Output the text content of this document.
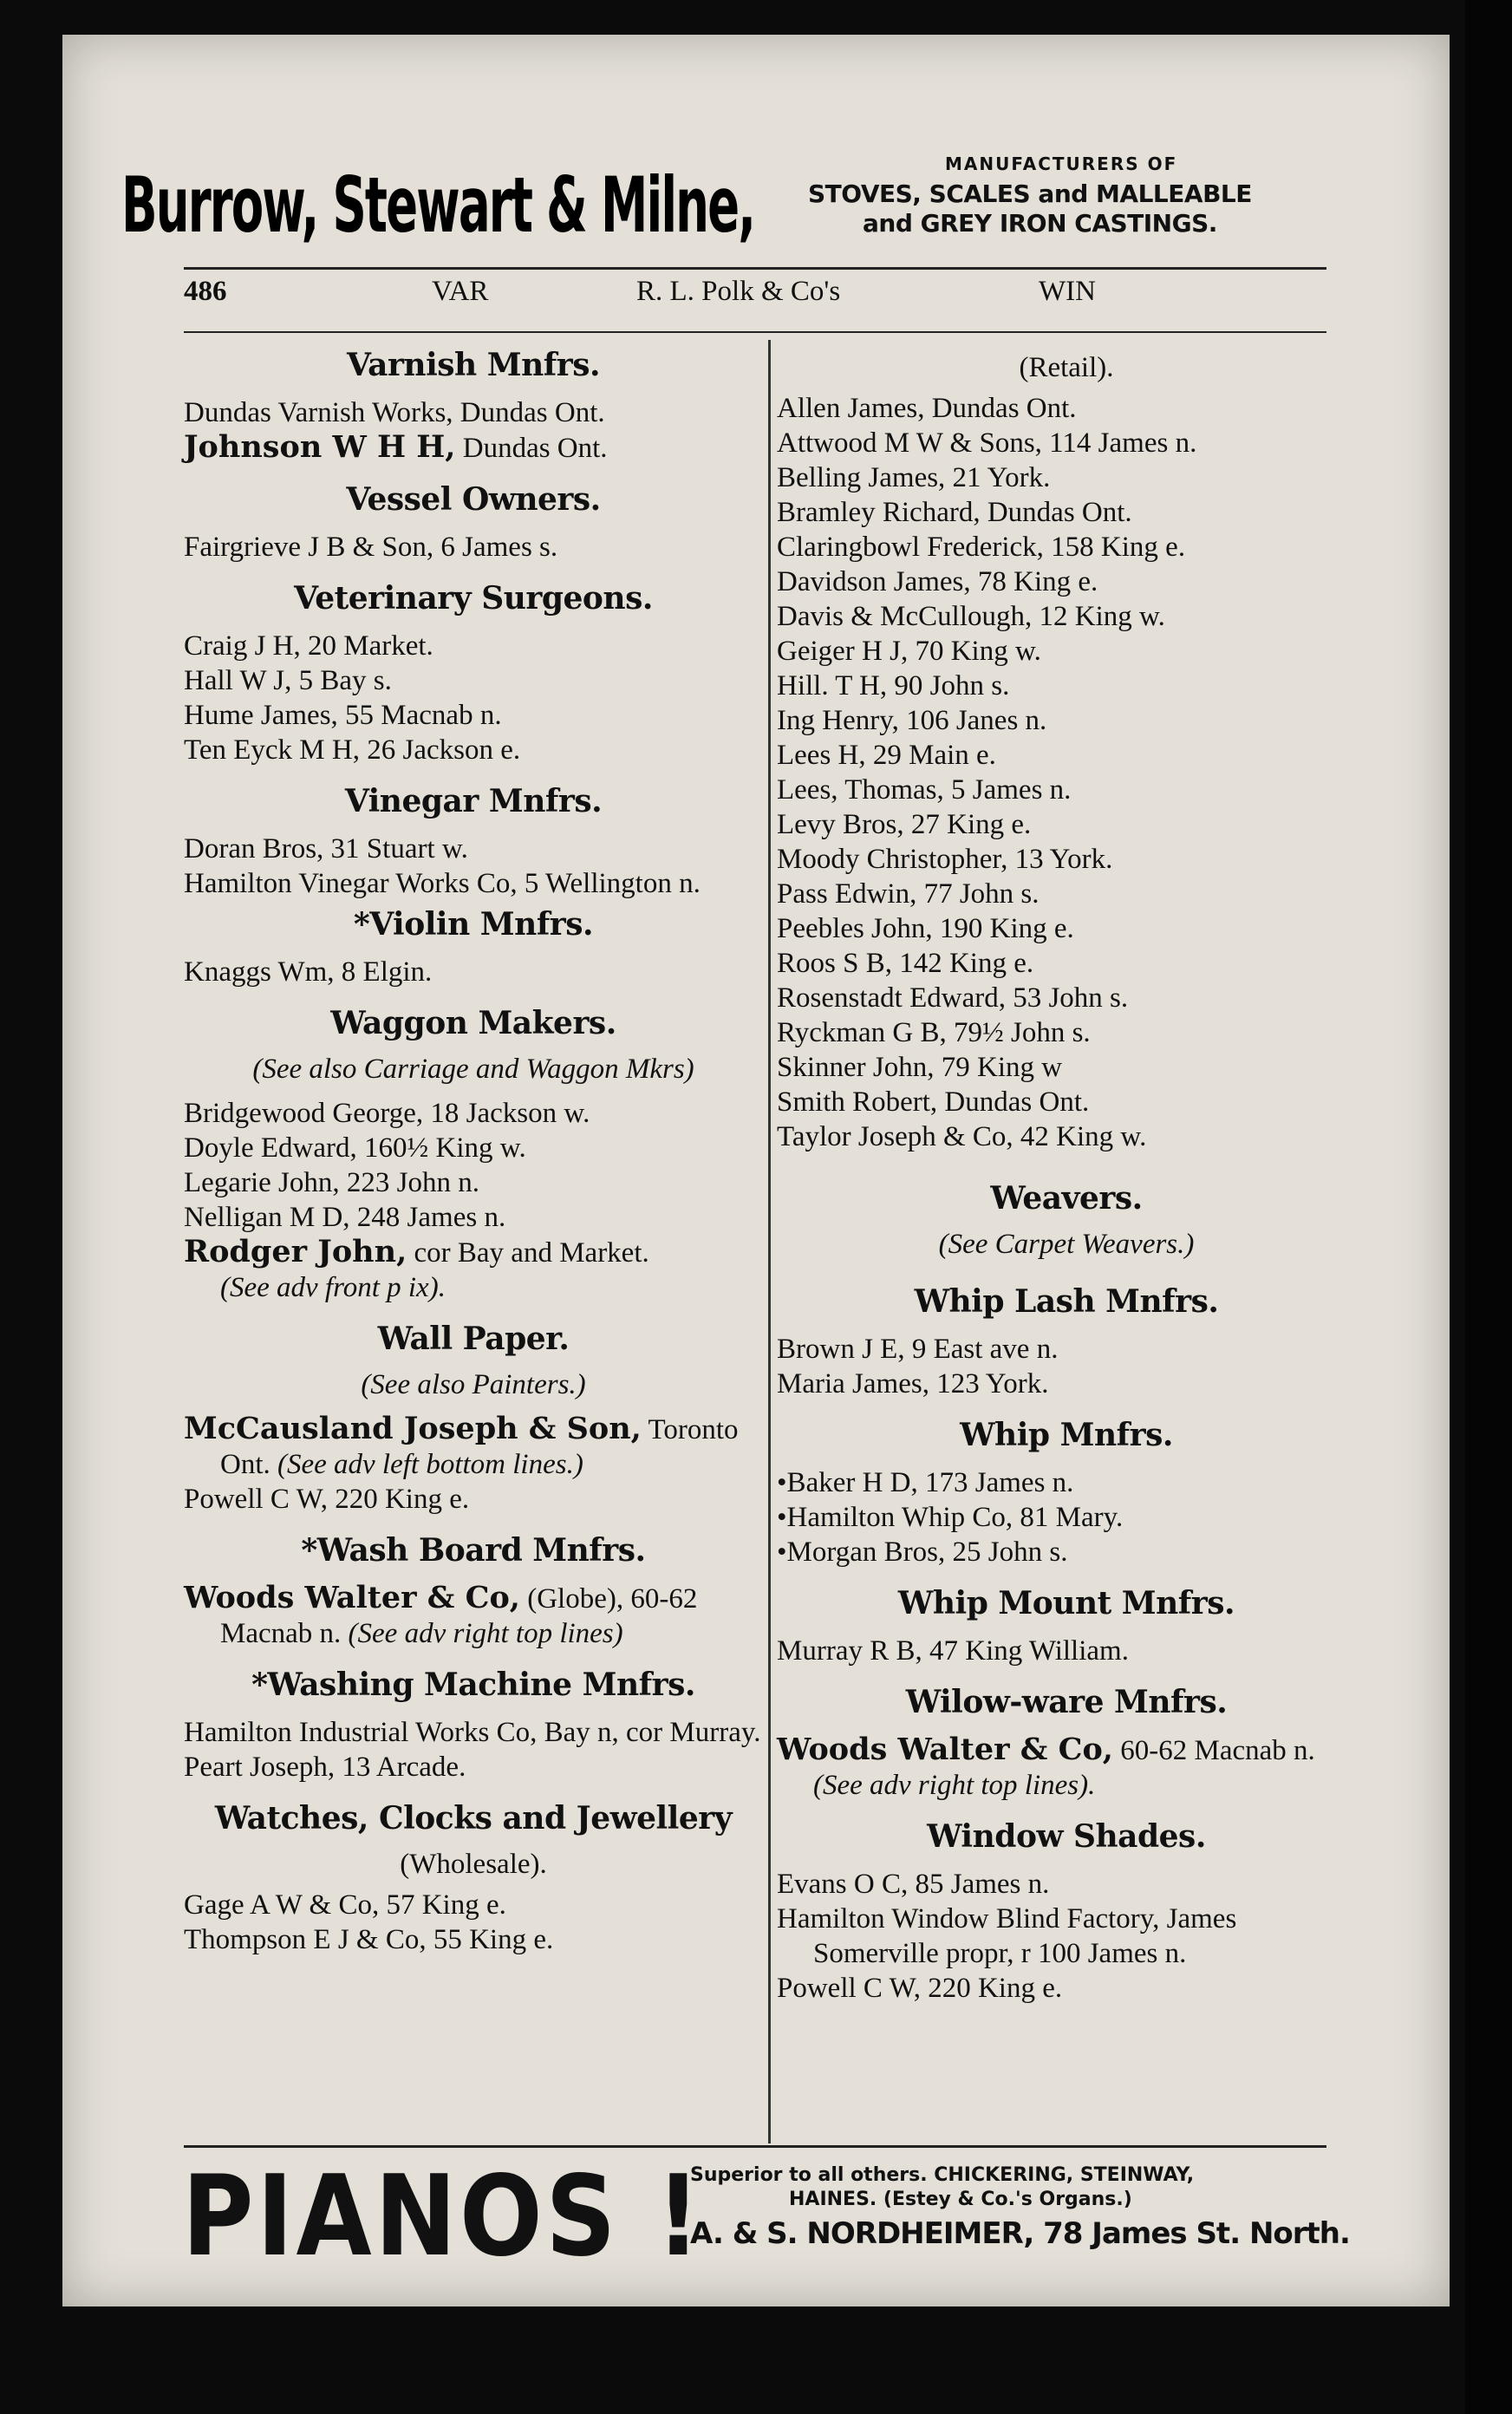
Burrow, Stewart & Milne,	MANUFACTURERS OF
STOVES, SCALES and MALLEABLE
and GREY IRON CASTINGS.
486	VAR	R. L. Polk & Co's	WIN
Varnish Mnfrs.
Dundas Varnish Works, Dundas Ont.
Johnson W H H, Dundas Ont.
Vessel Owners.
Fairgrieve J B & Son, 6 James s.
Veterinary Surgeons.
Craig J H, 20 Market.
Hall W J, 5 Bay s.
Hume James, 55 Macnab n.
Ten Eyck M H, 26 Jackson e.
Vinegar Mnfrs.
Doran Bros, 31 Stuart w.
Hamilton Vinegar Works Co, 5 Wellington n.
*Violin Mnfrs.
Knaggs Wm, 8 Elgin.
Waggon Makers.
(See also Carriage and Waggon Mkrs)
Bridgewood George, 18 Jackson w.
Doyle Edward, 160½ King w.
Legarie John, 223 John n.
Nelligan M D, 248 James n.
Rodger John, cor Bay and Market.
(See adv front p ix).
Wall Paper.
(See also Painters.)
McCausland Joseph & Son, Toronto Ont. (See adv left bottom lines.)
Powell C W, 220 King e.
*Wash Board Mnfrs.
Woods Walter & Co, (Globe), 60-62 Macnab n. (See adv right top lines)
*Washing Machine Mnfrs.
Hamilton Industrial Works Co, Bay n, cor Murray.
Peart Joseph, 13 Arcade.
Watches, Clocks and Jewellery
(Wholesale).
Gage A W & Co, 57 King e.
Thompson E J & Co, 55 King e.
(Retail).
Allen James, Dundas Ont.
Attwood M W & Sons, 114 James n.
Belling James, 21 York.
Bramley Richard, Dundas Ont.
Claringbowl Frederick, 158 King e.
Davidson James, 78 King e.
Davis & McCullough, 12 King w.
Geiger H J, 70 King w.
Hill. T H, 90 John s.
Ing Henry, 106 Janes n.
Lees H, 29 Main e.
Lees, Thomas, 5 James n.
Levy Bros, 27 King e.
Moody Christopher, 13 York.
Pass Edwin, 77 John s.
Peebles John, 190 King e.
Roos S B, 142 King e.
Rosenstadt Edward, 53 John s.
Ryckman G B, 79½ John s.
Skinner John, 79 King w
Smith Robert, Dundas Ont.
Taylor Joseph & Co, 42 King w.
Weavers.
(See Carpet Weavers.)
Whip Lash Mnfrs.
Brown J E, 9 East ave n.
Maria James, 123 York.
Whip Mnfrs.
•Baker H D, 173 James n.
•Hamilton Whip Co, 81 Mary.
•Morgan Bros, 25 John s.
Whip Mount Mnfrs.
Murray R B, 47 King William.
Wilow-ware Mnfrs.
Woods Walter & Co, 60-62 Macnab n. (See adv right top lines).
Window Shades.
Evans O C, 85 James n.
Hamilton Window Blind Factory, James Somerville propr, r 100 James n.
Powell C W, 220 King e.
PIANOS !
Superior to all others. CHICKERING, STEINWAY,
HAINES. (Estey & Co.'s Organs.)
A. & S. NORDHEIMER, 78 James St. North.
